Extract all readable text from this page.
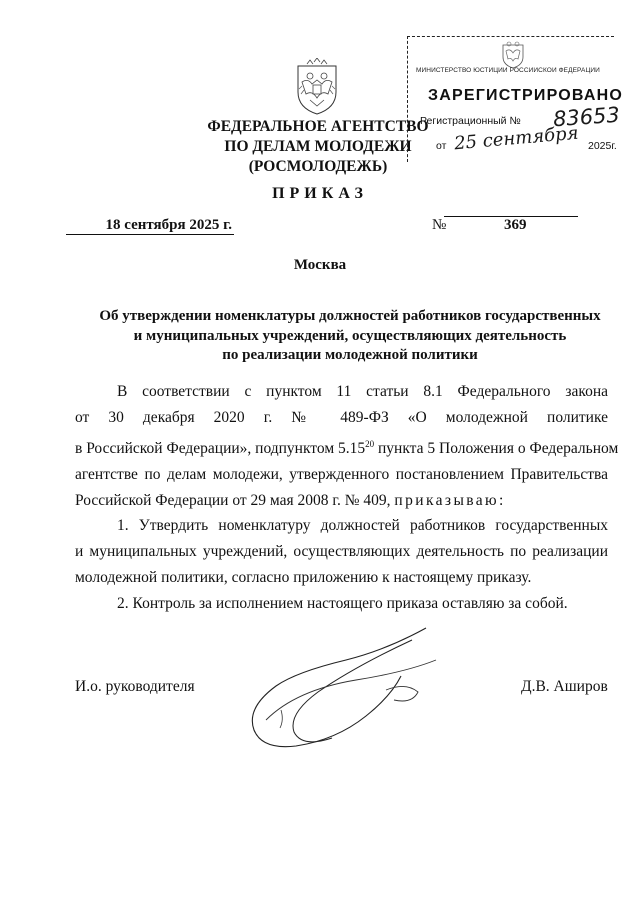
ФЕДЕРАЛЬНОЕ АГЕНТСТВО
ПО ДЕЛАМ МОЛОДЕЖИ
(РОСМОЛОДЕЖЬ)
МИНИСТЕРСТВО ЮСТИЦИИ РОССИЙСКОЙ ФЕДЕРАЦИИ
ЗАРЕГИСТРИРОВАНО
Регистрационный № 83653
от 25 сентября 2025г.
ПРИКАЗ
18 сентября 2025 г.	№	369
Москва
Об утверждении номенклатуры должностей работников государственных
и муниципальных учреждений, осуществляющих деятельность
по реализации молодежной политики
В соответствии с пунктом 11 статьи 8.1 Федерального закона
от 30 декабря 2020 г. № 489-ФЗ «О молодежной политике
в Российской Федерации», подпунктом 5.15$^{20}$ пункта 5 Положения о Федеральном
агентстве по делам молодежи, утвержденного постановлением Правительства
Российской Федерации от 29 мая 2008 г. № 409, приказываю:
1. Утвердить номенклатуру должностей работников государственных
и муниципальных учреждений, осуществляющих деятельность по реализации
молодежной политики, согласно приложению к настоящему приказу.
2. Контроль за исполнением настоящего приказа оставляю за собой.
И.о. руководителя	Д.В. Аширов
